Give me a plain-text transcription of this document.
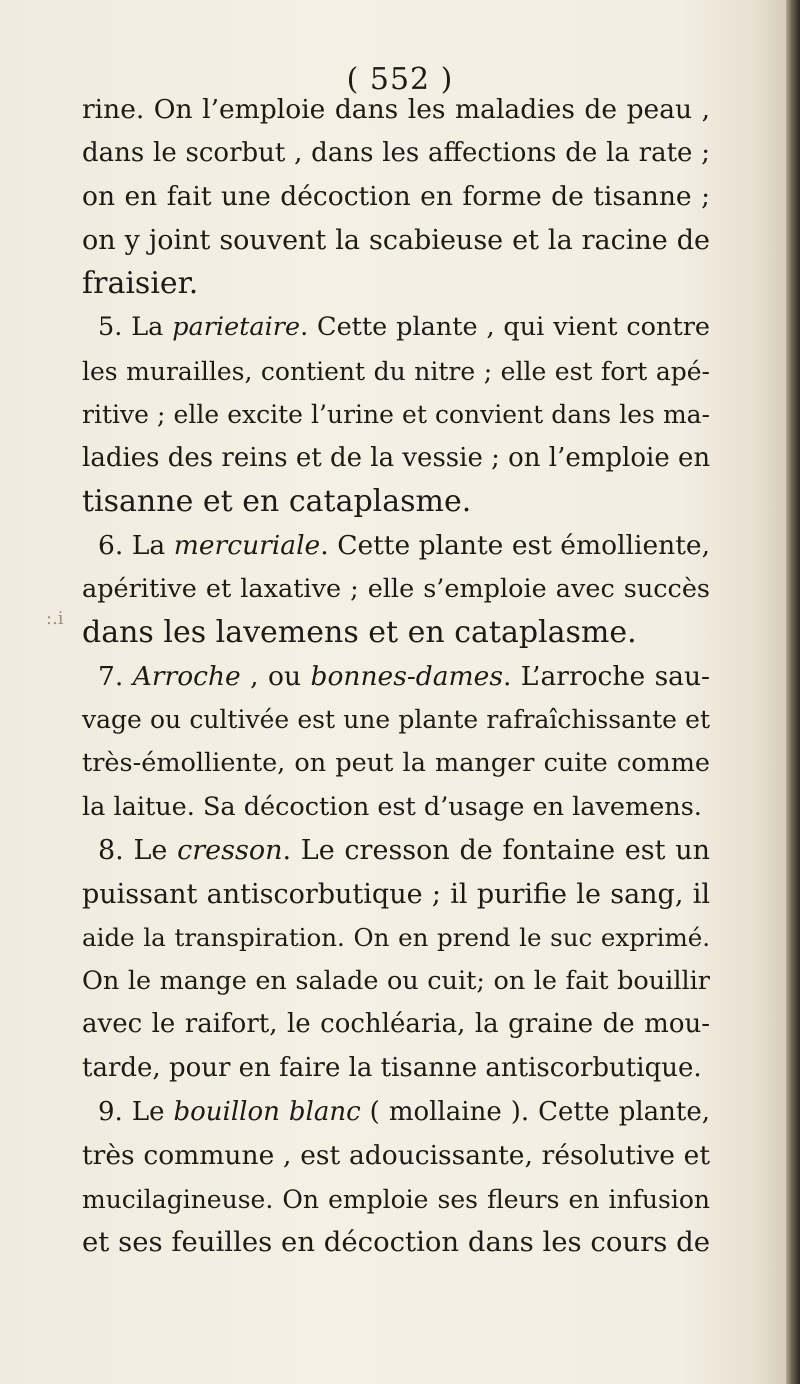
( 552 )
:.i
rine. On l’emploie dans les maladies de peau ,
dans le scorbut , dans les affections de la rate ;
on en fait une décoction en forme de tisanne ;
on y joint souvent la scabieuse et la racine de
fraisier.
5. La parietaire. Cette plante , qui vient contre
les murailles, contient du nitre ; elle est fort apé-
ritive ; elle excite l’urine et convient dans les ma-
ladies des reins et de la vessie ; on l’emploie en
tisanne et en cataplasme.
6. La mercuriale. Cette plante est émolliente,
apéritive et laxative ; elle s’emploie avec succès
dans les lavemens et en cataplasme.
7. Arroche , ou bonnes-dames. L’arroche sau-
vage ou cultivée est une plante rafraîchissante et
très-émolliente, on peut la manger cuite comme
la laitue. Sa décoction est d’usage en lavemens.
8. Le cresson. Le cresson de fontaine est un
puissant antiscorbutique ; il purifie le sang, il
aide la transpiration. On en prend le suc exprimé.
On le mange en salade ou cuit; on le fait bouillir
avec le raifort, le cochléaria, la graine de mou-
tarde, pour en faire la tisanne antiscorbutique.
9. Le bouillon blanc ( mollaine ). Cette plante,
très commune , est adoucissante, résolutive et
mucilagineuse. On emploie ses fleurs en infusion
et ses feuilles en décoction dans les cours de
